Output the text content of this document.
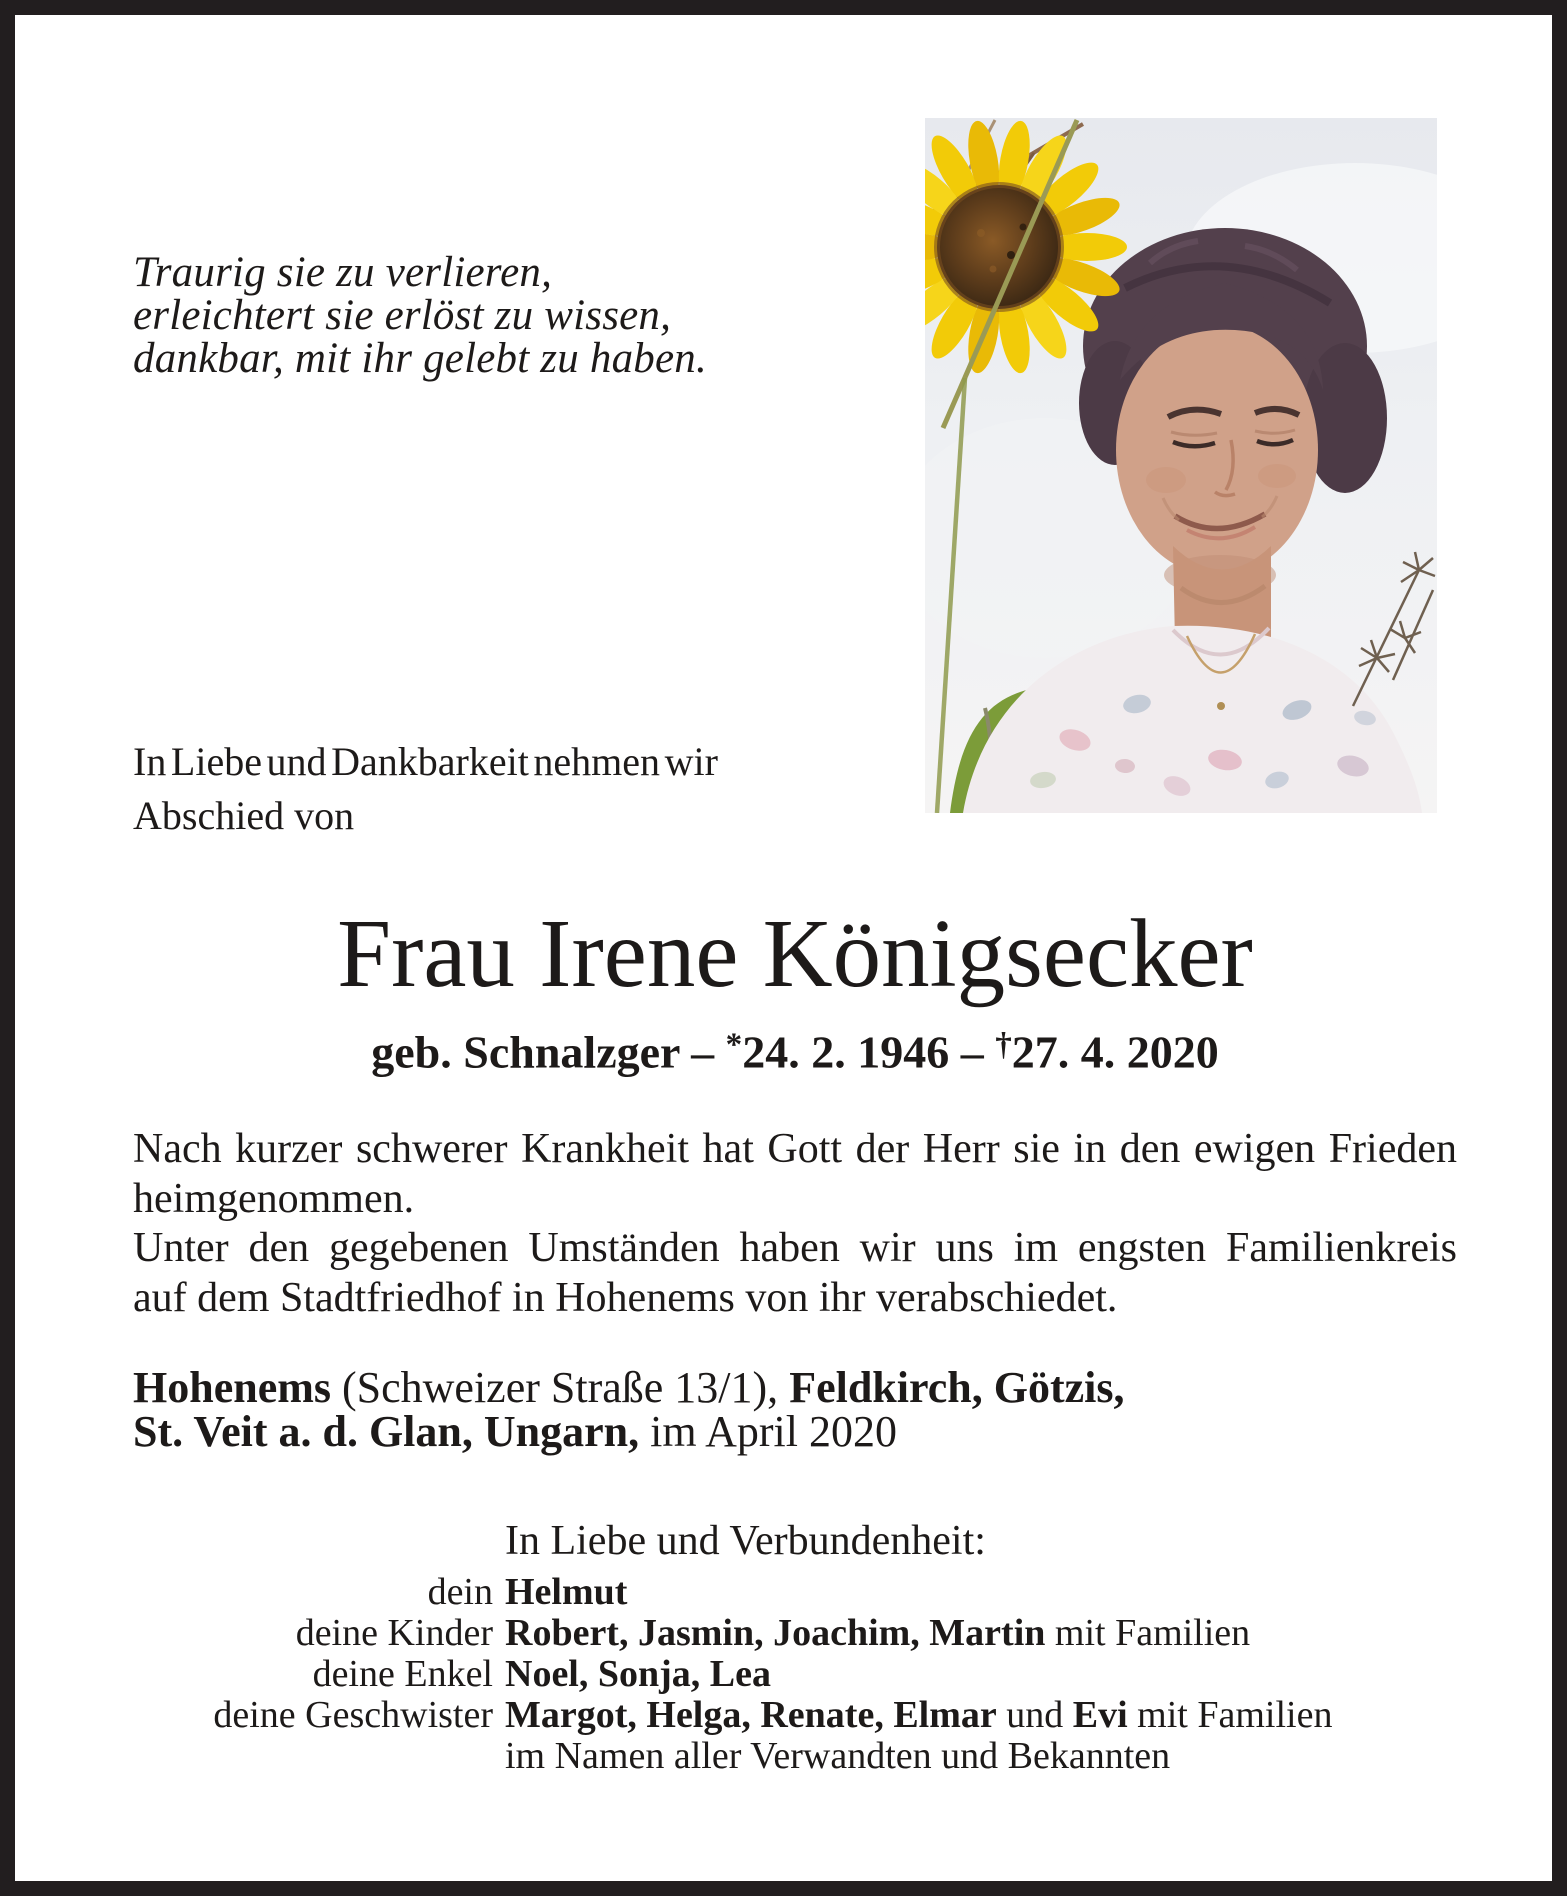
Traurig sie zu verlieren,
erleichtert sie erlöst zu wissen,
dankbar, mit ihr gelebt zu haben.
In Liebe und Dankbarkeit nehmen wir
Abschied von
Frau Irene Königsecker
geb. Schnalzger – *24. 2. 1946 – †27. 4. 2020
Nach kurzer schwerer Krankheit hat Gott der Herr sie in den ewigen Frieden
heimgenommen.
Unter den gegebenen Umständen haben wir uns im engsten Familienkreis
auf dem Stadtfriedhof in Hohenems von ihr verabschiedet.
Hohenems (Schweizer Straße 13/1), Feldkirch, Götzis,
St. Veit a. d. Glan, Ungarn, im April 2020
In Liebe und Verbundenheit:
dein Helmut
deine Kinder Robert, Jasmin, Joachim, Martin mit Familien
deine Enkel Noel, Sonja, Lea
deine Geschwister Margot, Helga, Renate, Elmar und Evi mit Familien
im Namen aller Verwandten und Bekannten
